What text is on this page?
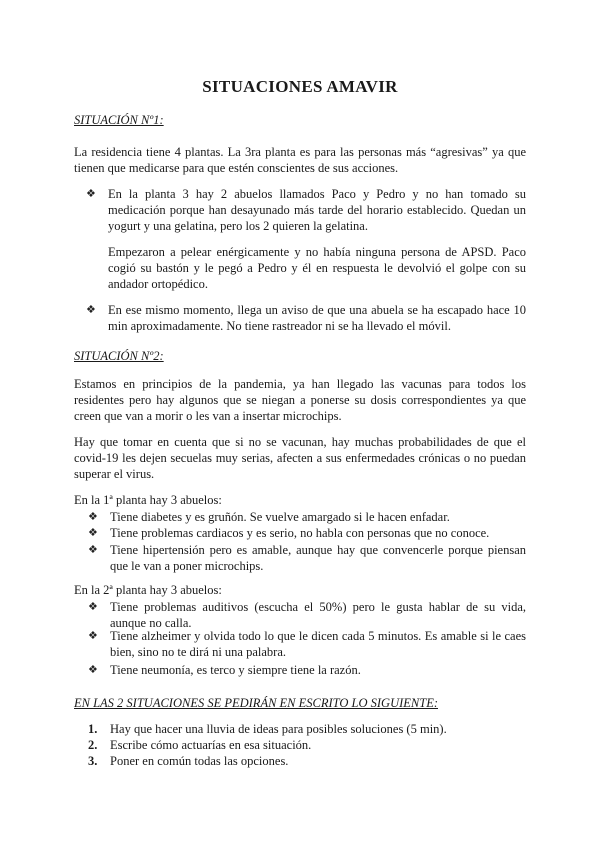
SITUACIONES AMAVIR

SITUACIÓN Nº1:

La residencia tiene 4 plantas. La 3ra planta es para las personas más “agresivas” ya que tienen que medicarse para que estén conscientes de sus acciones.

❖ En la planta 3 hay 2 abuelos llamados Paco y Pedro y no han tomado su medicación porque han desayunado más tarde del horario establecido. Quedan un yogurt y una gelatina, pero los 2 quieren la gelatina.

Empezaron a pelear enérgicamente y no había ninguna persona de APSD. Paco cogió su bastón y le pegó a Pedro y él en respuesta le devolvió el golpe con su andador ortopédico.

❖ En ese mismo momento, llega un aviso de que una abuela se ha escapado hace 10 min aproximadamente. No tiene rastreador ni se ha llevado el móvil.

SITUACIÓN Nº2:

Estamos en principios de la pandemia, ya han llegado las vacunas para todos los residentes pero hay algunos que se niegan a ponerse su dosis correspondientes ya que creen que van a morir o les van a insertar microchips.

Hay que tomar en cuenta que si no se vacunan, hay muchas probabilidades de que el covid-19 les dejen secuelas muy serias, afecten a sus enfermedades crónicas o no puedan superar el virus.

En la 1ª planta hay 3 abuelos:

❖ Tiene diabetes y es gruñón. Se vuelve amargado si le hacen enfadar.
❖ Tiene problemas cardiacos y es serio, no habla con personas que no conoce.
❖ Tiene hipertensión pero es amable, aunque hay que convencerle porque piensan que le van a poner microchips.

En la 2ª planta hay 3 abuelos:

❖ Tiene problemas auditivos (escucha el 50%) pero le gusta hablar de su vida, aunque no calla.
❖ Tiene alzheimer y olvida todo lo que le dicen cada 5 minutos. Es amable si le caes bien, sino no te dirá ni una palabra.
❖ Tiene neumonía, es terco y siempre tiene la razón.

EN LAS 2 SITUACIONES SE PEDIRÁN EN ESCRITO LO SIGUIENTE:

1. Hay que hacer una lluvia de ideas para posibles soluciones (5 min).
2. Escribe cómo actuarías en esa situación.
3. Poner en común todas las opciones.
